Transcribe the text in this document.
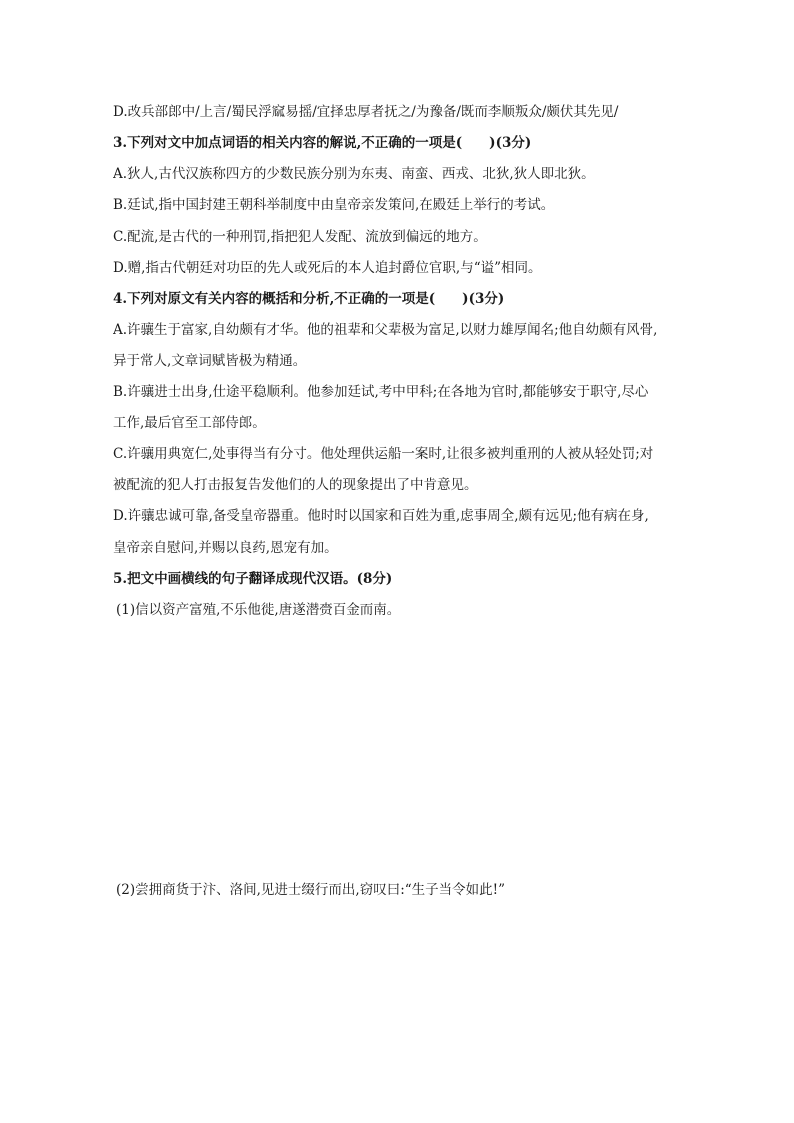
D.改兵部郎中/上言/蜀民浮窳易摇/宜择忠厚者抚之/为豫备/既而李顺叛众/颇伏其先见/
3.下列对文中加点词语的相关内容的解说,不正确的一项是(　　)(3分)
A.狄人,古代汉族称四方的少数民族分别为东夷、南蛮、西戎、北狄,狄人即北狄。
B.廷试,指中国封建王朝科举制度中由皇帝亲发策问,在殿廷上举行的考试。
C.配流,是古代的一种刑罚,指把犯人发配、流放到偏远的地方。
D.赠,指古代朝廷对功臣的先人或死后的本人追封爵位官职,与“谥”相同。
4.下列对原文有关内容的概括和分析,不正确的一项是(　　)(3分)
A.许骧生于富家,自幼颇有才华。他的祖辈和父辈极为富足,以财力雄厚闻名;他自幼颇有风骨,
异于常人,文章词赋皆极为精通。
B.许骧进士出身,仕途平稳顺利。他参加廷试,考中甲科;在各地为官时,都能够安于职守,尽心
工作,最后官至工部侍郎。
C.许骧用典宽仁,处事得当有分寸。他处理供运船一案时,让很多被判重刑的人被从轻处罚;对
被配流的犯人打击报复告发他们的人的现象提出了中肯意见。
D.许骧忠诚可靠,备受皇帝器重。他时时以国家和百姓为重,虑事周全,颇有远见;他有病在身,
皇帝亲自慰问,并赐以良药,恩宠有加。
5.把文中画横线的句子翻译成现代汉语。(8分)
(1)信以资产富殖,不乐他徙,唐遂潜赍百金而南。
(2)尝拥商货于汴、洛间,见进士缀行而出,窃叹曰:“生子当令如此!”
